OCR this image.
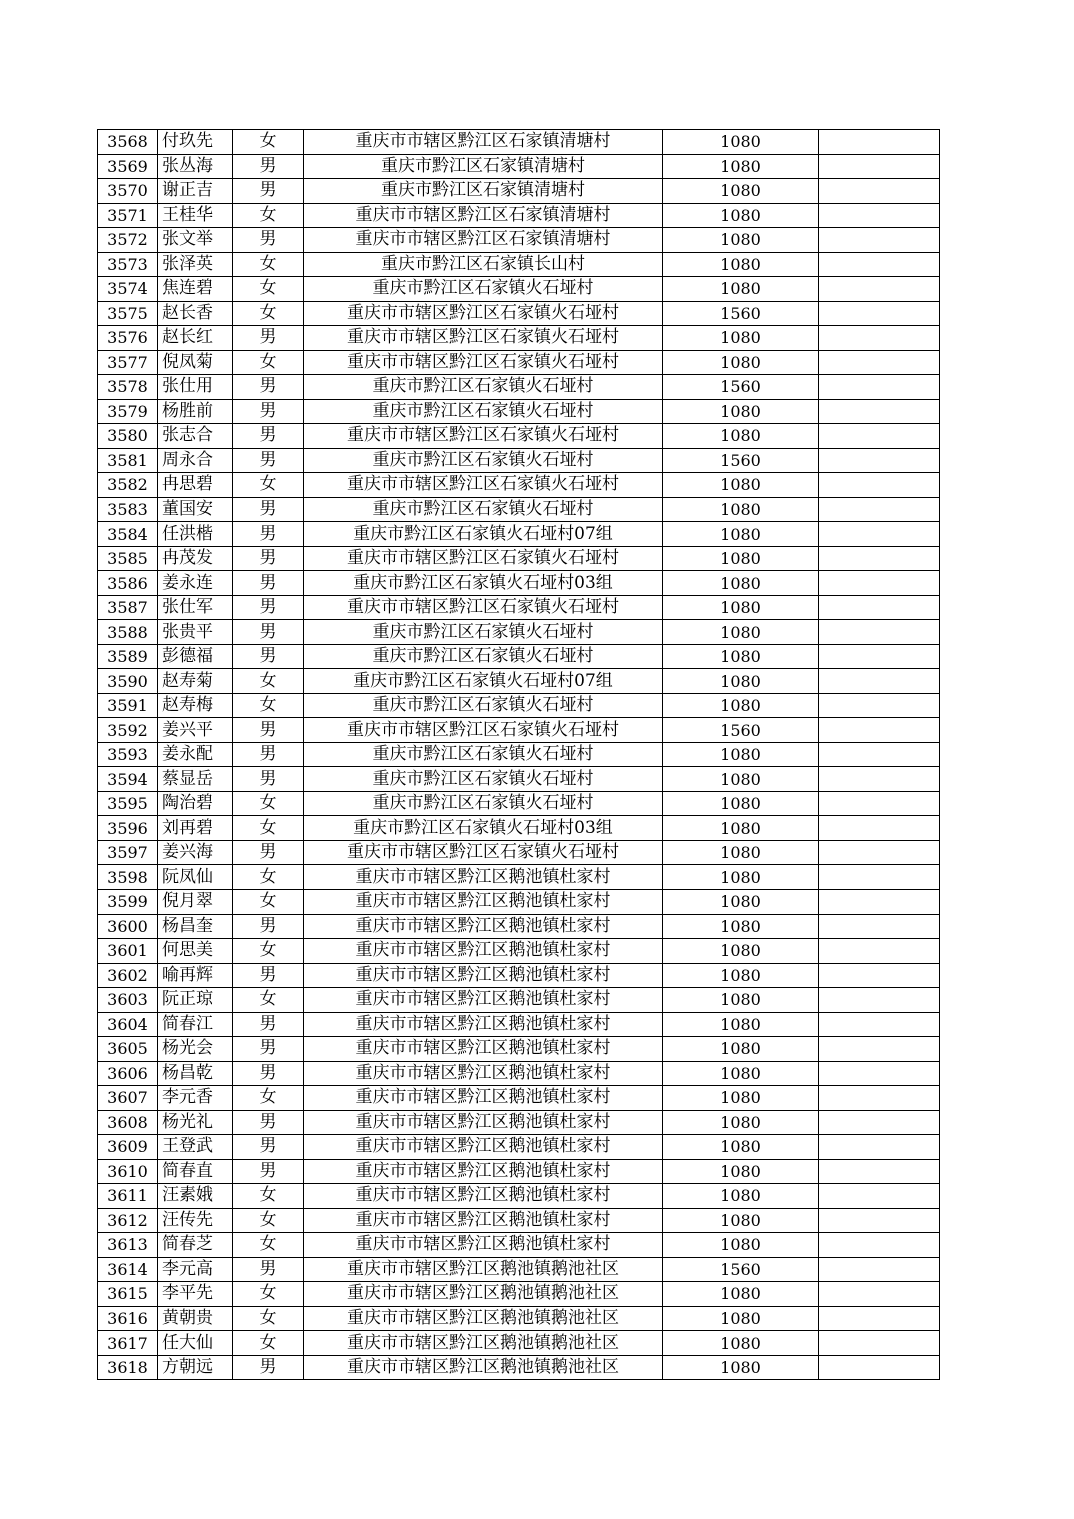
3568	付玖先	女	重庆市市辖区黔江区石家镇清塘村	1080	
3569	张丛海	男	重庆市黔江区石家镇清塘村	1080	
3570	谢正吉	男	重庆市黔江区石家镇清塘村	1080	
3571	王桂华	女	重庆市市辖区黔江区石家镇清塘村	1080	
3572	张文举	男	重庆市市辖区黔江区石家镇清塘村	1080	
3573	张泽英	女	重庆市黔江区石家镇长山村	1080	
3574	焦连碧	女	重庆市黔江区石家镇火石垭村	1080	
3575	赵长香	女	重庆市市辖区黔江区石家镇火石垭村	1560	
3576	赵长红	男	重庆市市辖区黔江区石家镇火石垭村	1080	
3577	倪凤菊	女	重庆市市辖区黔江区石家镇火石垭村	1080	
3578	张仕用	男	重庆市黔江区石家镇火石垭村	1560	
3579	杨胜前	男	重庆市黔江区石家镇火石垭村	1080	
3580	张志合	男	重庆市市辖区黔江区石家镇火石垭村	1080	
3581	周永合	男	重庆市黔江区石家镇火石垭村	1560	
3582	冉思碧	女	重庆市市辖区黔江区石家镇火石垭村	1080	
3583	董国安	男	重庆市黔江区石家镇火石垭村	1080	
3584	任洪楷	男	重庆市黔江区石家镇火石垭村07组	1080	
3585	冉茂发	男	重庆市市辖区黔江区石家镇火石垭村	1080	
3586	姜永连	男	重庆市黔江区石家镇火石垭村03组	1080	
3587	张仕军	男	重庆市市辖区黔江区石家镇火石垭村	1080	
3588	张贵平	男	重庆市黔江区石家镇火石垭村	1080	
3589	彭德福	男	重庆市黔江区石家镇火石垭村	1080	
3590	赵寿菊	女	重庆市黔江区石家镇火石垭村07组	1080	
3591	赵寿梅	女	重庆市黔江区石家镇火石垭村	1080	
3592	姜兴平	男	重庆市市辖区黔江区石家镇火石垭村	1560	
3593	姜永配	男	重庆市黔江区石家镇火石垭村	1080	
3594	蔡显岳	男	重庆市黔江区石家镇火石垭村	1080	
3595	陶治碧	女	重庆市黔江区石家镇火石垭村	1080	
3596	刘再碧	女	重庆市黔江区石家镇火石垭村03组	1080	
3597	姜兴海	男	重庆市市辖区黔江区石家镇火石垭村	1080	
3598	阮凤仙	女	重庆市市辖区黔江区鹅池镇杜家村	1080	
3599	倪月翠	女	重庆市市辖区黔江区鹅池镇杜家村	1080	
3600	杨昌奎	男	重庆市市辖区黔江区鹅池镇杜家村	1080	
3601	何思美	女	重庆市市辖区黔江区鹅池镇杜家村	1080	
3602	喻再辉	男	重庆市市辖区黔江区鹅池镇杜家村	1080	
3603	阮正琼	女	重庆市市辖区黔江区鹅池镇杜家村	1080	
3604	简春江	男	重庆市市辖区黔江区鹅池镇杜家村	1080	
3605	杨光会	男	重庆市市辖区黔江区鹅池镇杜家村	1080	
3606	杨昌乾	男	重庆市市辖区黔江区鹅池镇杜家村	1080	
3607	李元香	女	重庆市市辖区黔江区鹅池镇杜家村	1080	
3608	杨光礼	男	重庆市市辖区黔江区鹅池镇杜家村	1080	
3609	王登武	男	重庆市市辖区黔江区鹅池镇杜家村	1080	
3610	简春直	男	重庆市市辖区黔江区鹅池镇杜家村	1080	
3611	汪素娥	女	重庆市市辖区黔江区鹅池镇杜家村	1080	
3612	汪传先	女	重庆市市辖区黔江区鹅池镇杜家村	1080	
3613	简春芝	女	重庆市市辖区黔江区鹅池镇杜家村	1080	
3614	李元高	男	重庆市市辖区黔江区鹅池镇鹅池社区	1560	
3615	李平先	女	重庆市市辖区黔江区鹅池镇鹅池社区	1080	
3616	黄朝贵	女	重庆市市辖区黔江区鹅池镇鹅池社区	1080	
3617	任大仙	女	重庆市市辖区黔江区鹅池镇鹅池社区	1080	
3618	方朝远	男	重庆市市辖区黔江区鹅池镇鹅池社区	1080	
